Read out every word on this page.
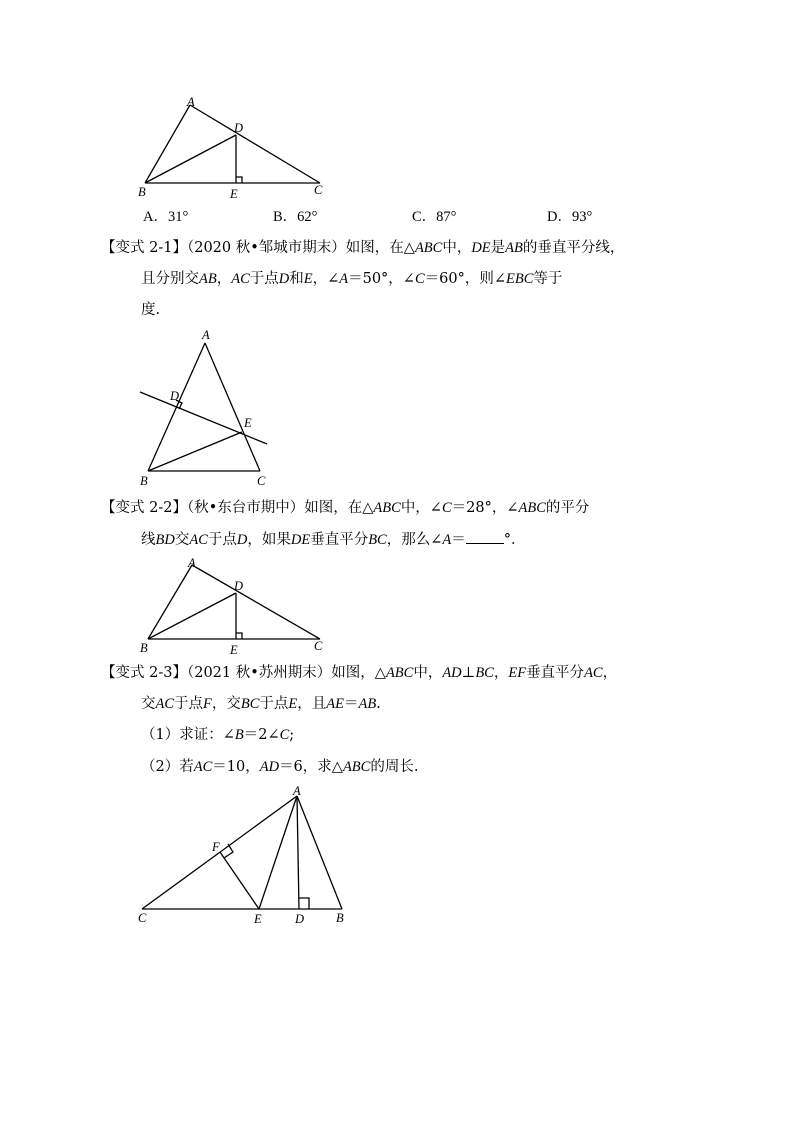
A
D
B	E	C
A．31°	B．62°	C．87°	D．93°
【变式 2-1】（2020 秋•邹城市期末）如图，在△ABC中，DE是AB的垂直平分线，
且分别交AB，AC于点D和E，∠A＝50°，∠C＝60°，则∠EBC等于
度.
A
D
E
B	C
【变式 2-2】（秋•东台市期中）如图，在△ABC中，∠C＝28°，∠ABC的平分
线BD交AC于点D，如果DE垂直平分BC，那么∠A＝	°．
A
D
B	E	C
【变式 2-3】（2021 秋•苏州期末）如图，△ABC中，AD⊥BC，EF垂直平分AC，
交AC于点F，交BC于点E，且AE＝AB.
（1）求证：∠B＝2∠C;
（2）若AC＝10，AD＝6，求△ABC的周长.
A
F
C	E	D	B
